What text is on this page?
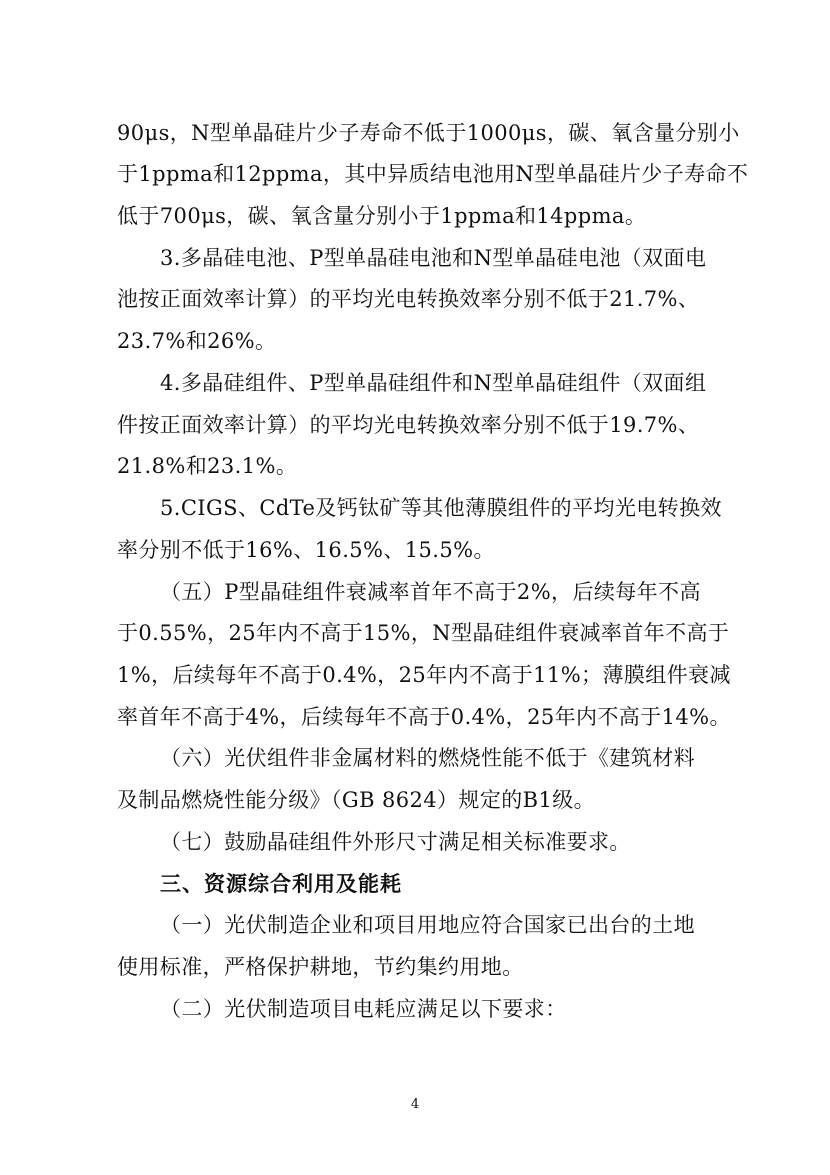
90μs，N型单晶硅片少子寿命不低于1000μs，碳、氧含量分别小
于1ppma和12ppma，其中异质结电池用N型单晶硅片少子寿命不
低于700μs，碳、氧含量分别小于1ppma和14ppma。
3.多晶硅电池、P型单晶硅电池和N型单晶硅电池（双面电
池按正面效率计算）的平均光电转换效率分别不低于21.7%、
23.7%和26%。
4.多晶硅组件、P型单晶硅组件和N型单晶硅组件（双面组
件按正面效率计算）的平均光电转换效率分别不低于19.7%、
21.8%和23.1%。
5.CIGS、CdTe及钙钛矿等其他薄膜组件的平均光电转换效
率分别不低于16%、16.5%、15.5%。
（五）P型晶硅组件衰减率首年不高于2%，后续每年不高
于0.55%，25年内不高于15%，N型晶硅组件衰减率首年不高于
1%，后续每年不高于0.4%，25年内不高于11%；薄膜组件衰减
率首年不高于4%，后续每年不高于0.4%，25年内不高于14%。
（六）光伏组件非金属材料的燃烧性能不低于《建筑材料
及制品燃烧性能分级》（GB 8624）规定的B1级。
（七）鼓励晶硅组件外形尺寸满足相关标准要求。
三、资源综合利用及能耗
（一）光伏制造企业和项目用地应符合国家已出台的土地
使用标准，严格保护耕地，节约集约用地。
（二）光伏制造项目电耗应满足以下要求：
4
